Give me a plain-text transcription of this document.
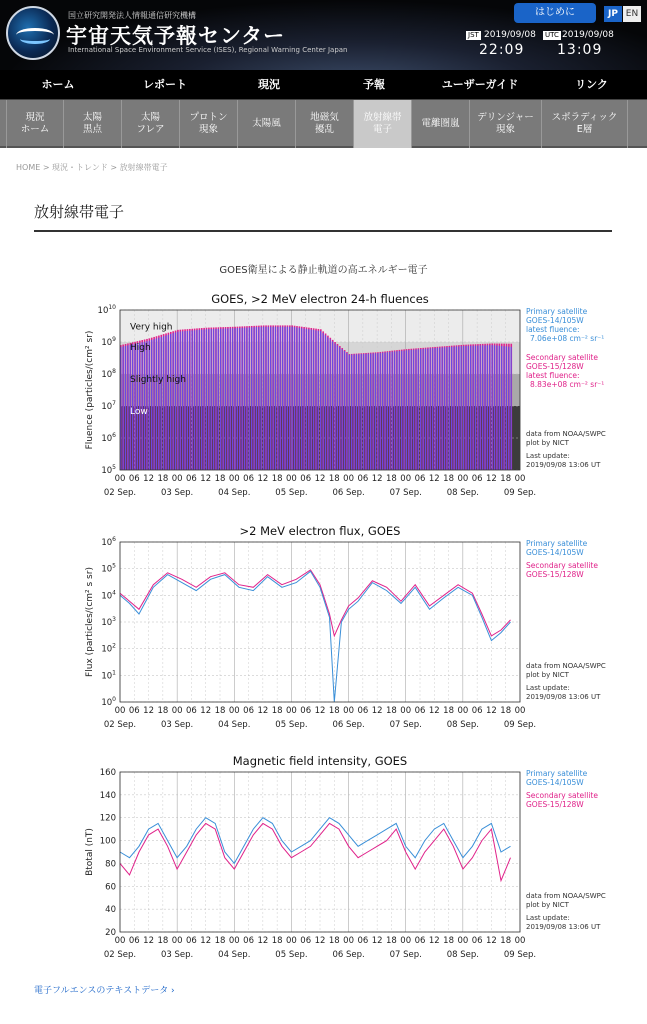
国立研究開発法人情報通信研究機構
宇宙天気予報センター
International Space Environment Service (ISES), Regional Warning Center Japan
はじめに	JP EN
JST 2019/09/08
22:09
UTC 2019/09/08
13:09
ホーム	レポート	現況	予報	ユーザーガイド	リンク
現況
ホーム
太陽
黒点
太陽
フレア
プロトン
現象
太陽風
地磁気
擾乱
放射線帯
電子
電離圏嵐
デリンジャー
現象
スポラディック
E層
HOME > 現況・トレンド > 放射線帯電子
放射線帯電子
GOES衛星による静止軌道の高エネルギー電子
GOES, >2 MeV electron 24-h fluences
$10^5$
$10^6$
$10^7$
$10^8$
$10^9$
$10^{10}$
Very high
High
Slightly high
Low
Fluence (particles/(cm² sr)
00 06 12 18 00 06 12 18 00 06 12 18 00 06 12 18 00 06 12 18 00 06 12 18 00 06 12 18 00
02 Sep.	03 Sep.	04 Sep.	05 Sep.	06 Sep.	07 Sep.	08 Sep.	09 Sep.
Primary satellite
GOES-14/105W
latest fluence:
7.06e+08 cm⁻² sr⁻¹
Secondary satellite
GOES-15/128W
latest fluence:
8.83e+08 cm⁻² sr⁻¹
data from NOAA/SWPC
plot by NICT
Last update:
2019/09/08 13:06 UT
>2 MeV electron flux, GOES
$10^0$
$10^1$
$10^2$
$10^3$
$10^4$
$10^5$
$10^6$
Flux (particles/(cm² s sr)
00 06 12 18 00 06 12 18 00 06 12 18 00 06 12 18 00 06 12 18 00 06 12 18 00 06 12 18 00
02 Sep.	03 Sep.	04 Sep.	05 Sep.	06 Sep.	07 Sep.	08 Sep.	09 Sep.
Primary satellite
GOES-14/105W
Secondary satellite
GOES-15/128W
data from NOAA/SWPC
plot by NICT
Last update:
2019/09/08 13:06 UT
Magnetic field intensity, GOES
20
40
60
80
100
120
140
160
Btotal (nT)
00 06 12 18 00 06 12 18 00 06 12 18 00 06 12 18 00 06 12 18 00 06 12 18 00 06 12 18 00
02 Sep.	03 Sep.	04 Sep.	05 Sep.	06 Sep.	07 Sep.	08 Sep.	09 Sep.
Primary satellite
GOES-14/105W
Secondary satellite
GOES-15/128W
data from NOAA/SWPC
plot by NICT
Last update:
2019/09/08 13:06 UT
電子フルエンスのテキストデータ ›
